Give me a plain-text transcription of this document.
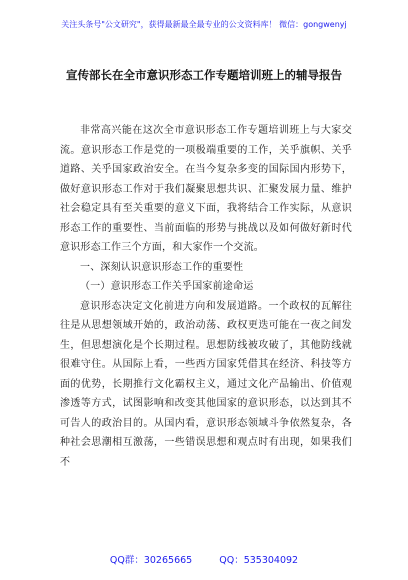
关注头条号"公文研究"，获得最新最全最专业的公文资料库！ 微信：gongwenyj
宣传部长在全市意识形态工作专题培训班上的辅导报告

非常高兴能在这次全市意识形态工作专题培训班上与大家交流。意识形态工作是党的一项极端重要的工作，关乎旗帜、关乎道路、关乎国家政治安全。在当今复杂多变的国际国内形势下，做好意识形态工作对于我们凝聚思想共识、汇聚发展力量、维护社会稳定具有至关重要的意义下面，我将结合工作实际，从意识形态工作的重要性、当前面临的形势与挑战以及如何做好新时代意识形态工作三个方面，和大家作一个交流。

一、深刻认识意识形态工作的重要性

（一）意识形态工作关乎国家前途命运

意识形态决定文化前进方向和发展道路。一个政权的瓦解往往是从思想领域开始的，政治动荡、政权更迭可能在一夜之间发生，但思想演化是个长期过程。思想防线被攻破了，其他防线就很难守住。从国际上看，一些西方国家凭借其在经济、科技等方面的优势，长期推行文化霸权主义，通过文化产品输出、价值观渗透等方式，试图影响和改变其他国家的意识形态，以达到其不可告人的政治目的。从国内看，意识形态领域斗争依然复杂，各种社会思潮相互激荡，一些错误思想和观点时有出现，如果我们不

QQ群：30265665	QQ：535304092
